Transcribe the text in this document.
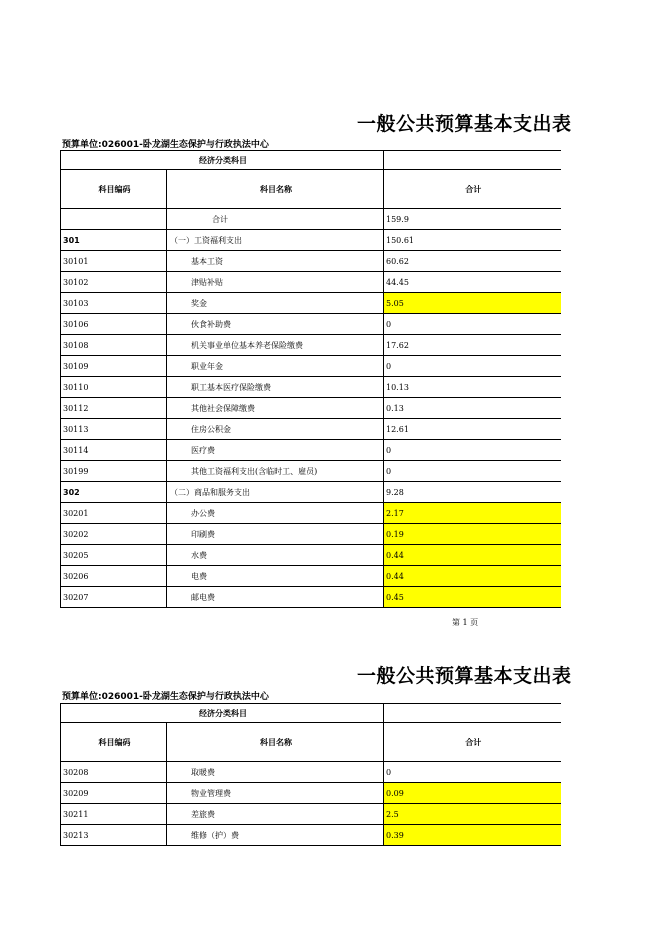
一般公共预算基本支出表
预算单位:026001-卧龙湖生态保护与行政执法中心
经济分类科目		
科目编码	科目名称	合计
	合计	159.9
301	（一）工资福利支出	150.61
30101	基本工资	60.62
30102	津贴补贴	44.45
30103	奖金	5.05
30106	伙食补助费	0
30108	机关事业单位基本养老保险缴费	17.62
30109	职业年金	0
30110	职工基本医疗保险缴费	10.13
30112	其他社会保障缴费	0.13
30113	住房公积金	12.61
30114	医疗费	0
30199	其他工资福利支出(含临时工、雇员)	0
302	（二）商品和服务支出	9.28
30201	办公费	2.17
30202	印刷费	0.19
30205	水费	0.44
30206	电费	0.44
30207	邮电费	0.45
第 1 页
一般公共预算基本支出表
预算单位:026001-卧龙湖生态保护与行政执法中心
经济分类科目		
科目编码	科目名称	合计
30208	取暖费	0
30209	物业管理费	0.09
30211	差旅费	2.5
30213	维修（护）费	0.39
